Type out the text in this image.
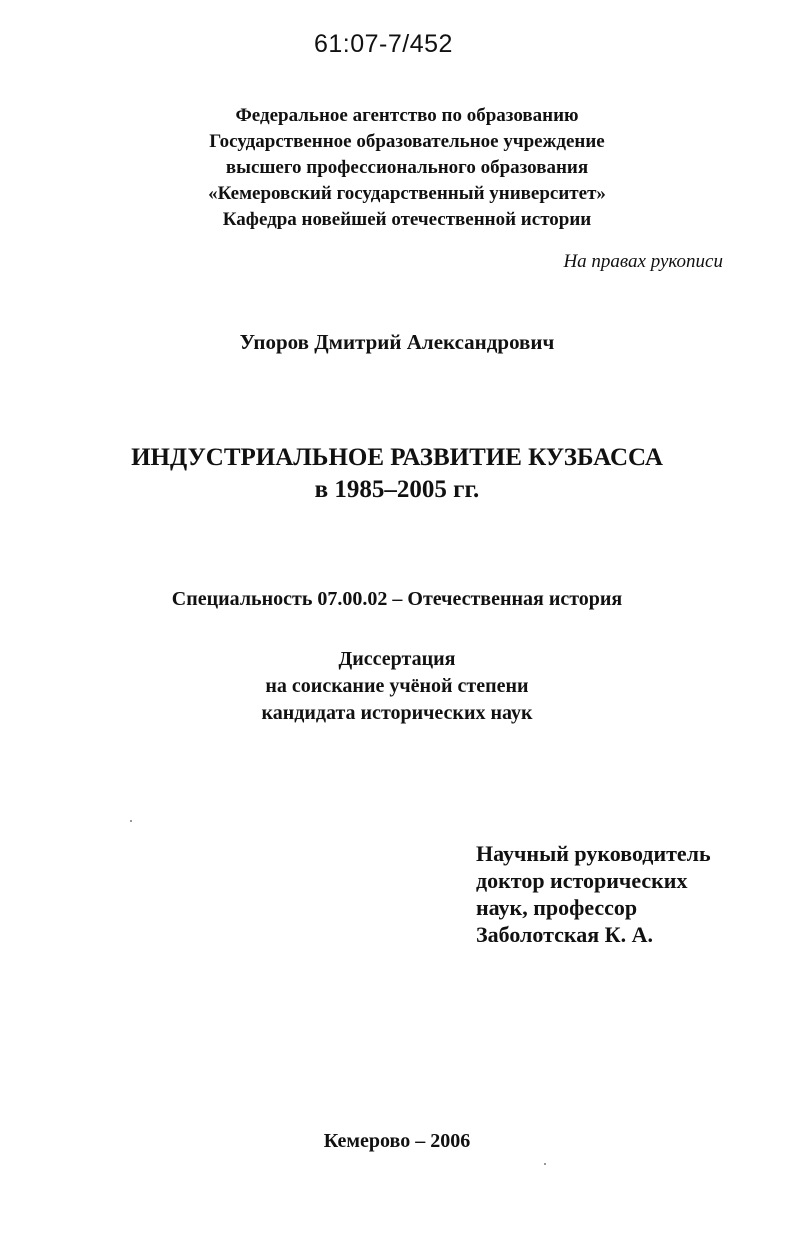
61:07-7/452
Федеральное агентство по образованию
Государственное образовательное учреждение
высшего профессионального образования
«Кемеровский государственный университет»
Кафедра новейшей отечественной истории
На правах рукописи
Упоров Дмитрий Александрович
ИНДУСТРИАЛЬНОЕ РАЗВИТИЕ КУЗБАССА
в 1985–2005 гг.
Специальность 07.00.02 – Отечественная история
Диссертация
на соискание учёной степени
кандидата исторических наук
Научный руководитель
доктор исторических
наук, профессор
Заболотская К. А.
Кемерово – 2006
